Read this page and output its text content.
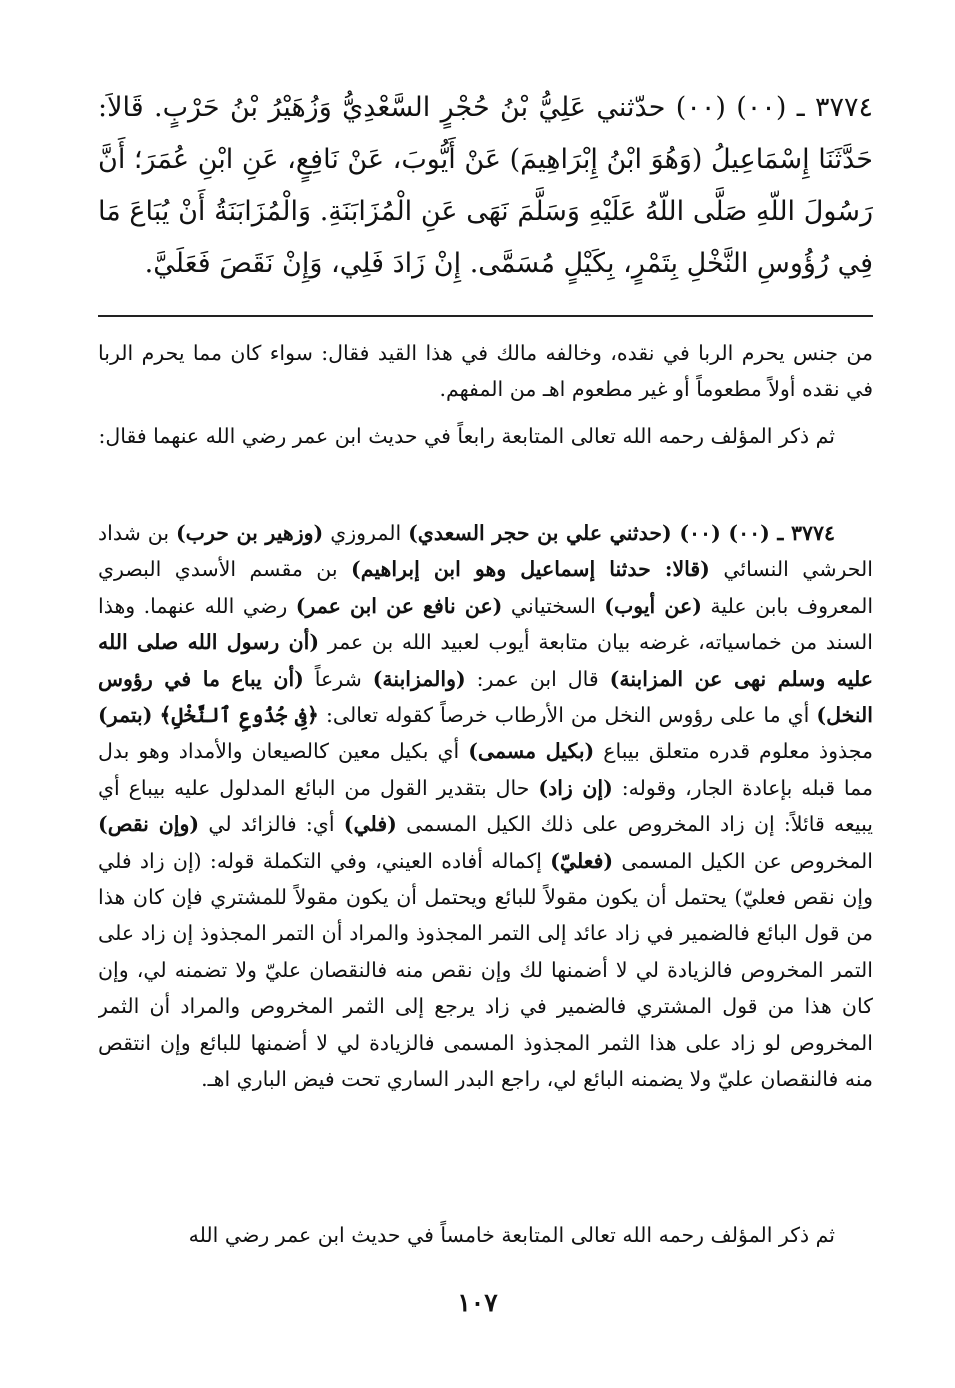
٣٧٧٤ ـ (٠٠) (٠٠) حدّثني عَلِيُّ بْنُ حُجْرٍ السَّعْدِيُّ وَزُهَيْرُ بْنُ حَرْبٍ. قَالاَ: حَدَّثَنَا إِسْمَاعِيلُ (وَهُوَ ابْنُ إِبْرَاهِيمَ) عَنْ أَيُّوبَ، عَنْ نَافِعٍ، عَنِ ابْنِ عُمَرَ؛ أَنَّ رَسُولَ اللّهِ صَلَّى اللّهُ عَلَيْهِ وَسَلَّمَ نَهَى عَنِ الْمُزَابَنَةِ. وَالْمُزَابَنَةُ أَنْ يُبَاعَ مَا فِي رُؤُوسِ النَّخْلِ بِتَمْرٍ، بِكَيْلٍ مُسَمَّى. إِنْ زَادَ فَلِي، وَإِنْ نَقَصَ فَعَلَيَّ.

من جنس يحرم الربا في نقده، وخالفه مالك في هذا القيد فقال: سواء كان مما يحرم الربا في نقده أولاً مطعوماً أو غير مطعوم اهـ من المفهم.

ثم ذكر المؤلف رحمه الله تعالى المتابعة رابعاً في حديث ابن عمر رضي الله عنهما فقال:

٣٧٧٤ ـ (٠٠) (٠٠) (حدثني علي بن حجر السعدي) المروزي (وزهير بن حرب) بن شداد الحرشي النسائي (قالا: حدثنا إسماعيل وهو ابن إبراهيم) بن مقسم الأسدي البصري المعروف بابن علية (عن أيوب) السختياني (عن نافع عن ابن عمر) رضي الله عنهما. وهذا السند من خماسياته، غرضه بيان متابعة أيوب لعبيد الله بن عمر (أن رسول الله صلى الله عليه وسلم نهى عن المزابنة) قال ابن عمر: (والمزابنة) شرعاً (أن يباع ما في رؤوس النخل) أي ما على رؤوس النخل من الأرطاب خرصاً كقوله تعالى: ﴿فِى جُذُوعِ ٱلنَّخْلِ﴾ (بتمر) مجذوذ معلوم قدره متعلق بيباع (بكيل مسمى) أي بكيل معين كالصيعان والأمداد وهو بدل مما قبله بإعادة الجار، وقوله: (إن زاد) حال بتقدير القول من البائع المدلول عليه بيباع أي يبيعه قائلاً: إن زاد المخروص على ذلك الكيل المسمى (فلي) أي: فالزائد لي (وإن نقص) المخروص عن الكيل المسمى (فعليّ) إكماله أفاده العيني، وفي التكملة قوله: (إن زاد فلي وإن نقص فعليّ) يحتمل أن يكون مقولاً للبائع ويحتمل أن يكون مقولاً للمشتري فإن كان هذا من قول البائع فالضمير في زاد عائد إلى التمر المجذوذ والمراد أن التمر المجذوذ إن زاد على التمر المخروص فالزيادة لي لا أضمنها لك وإن نقص منه فالنقصان عليّ ولا تضمنه لي، وإن كان هذا من قول المشتري فالضمير في زاد يرجع إلى الثمر المخروص والمراد أن الثمر المخروص لو زاد على هذا الثمر المجذوذ المسمى فالزيادة لي لا أضمنها للبائع وإن انتقص منه فالنقصان عليّ ولا يضمنه البائع لي، راجع البدر الساري تحت فيض الباري اهـ.

ثم ذكر المؤلف رحمه الله تعالى المتابعة خامساً في حديث ابن عمر رضي الله

١٠٧
